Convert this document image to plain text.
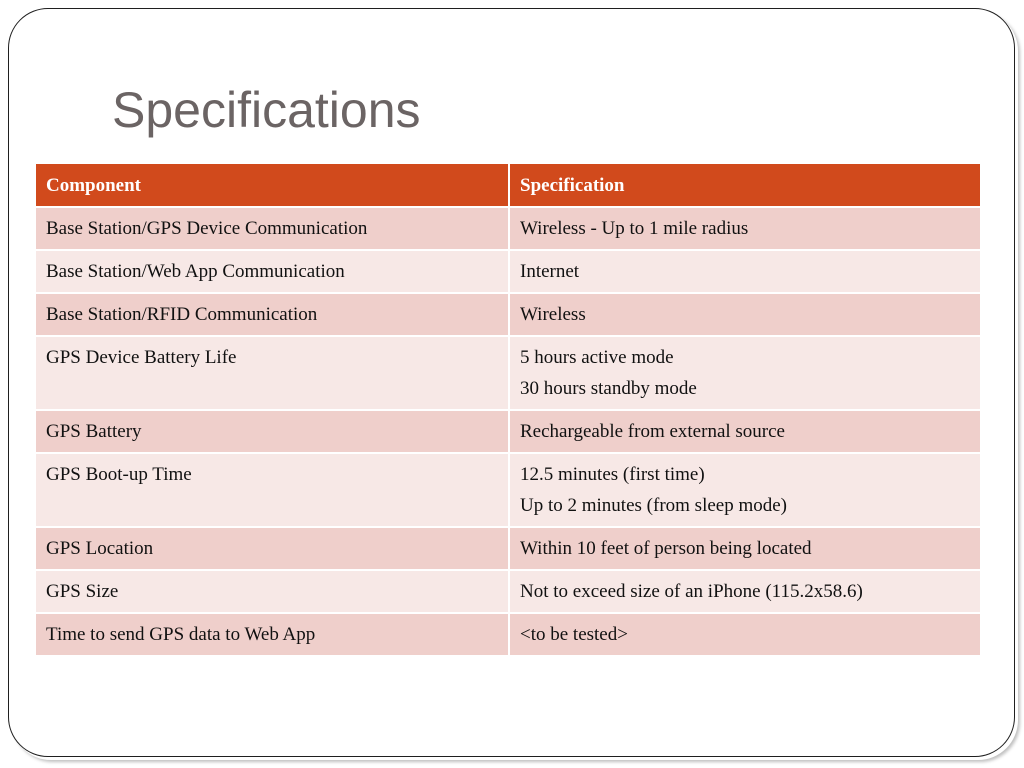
Specifications
Component	Specification
Base Station/GPS Device Communication	Wireless - Up to 1 mile radius

Base Station/Web App Communication	Internet

Base Station/RFID Communication	Wireless

GPS Device Battery Life	5 hours active mode
30 hours standby mode

GPS Battery	Rechargeable from external source

GPS Boot-up Time	12.5 minutes (first time)
Up to 2 minutes (from sleep mode)

GPS Location	Within 10 feet of person being located

GPS Size	Not to exceed size of an iPhone (115.2x58.6)

Time to send GPS data to Web App	<to be tested>
